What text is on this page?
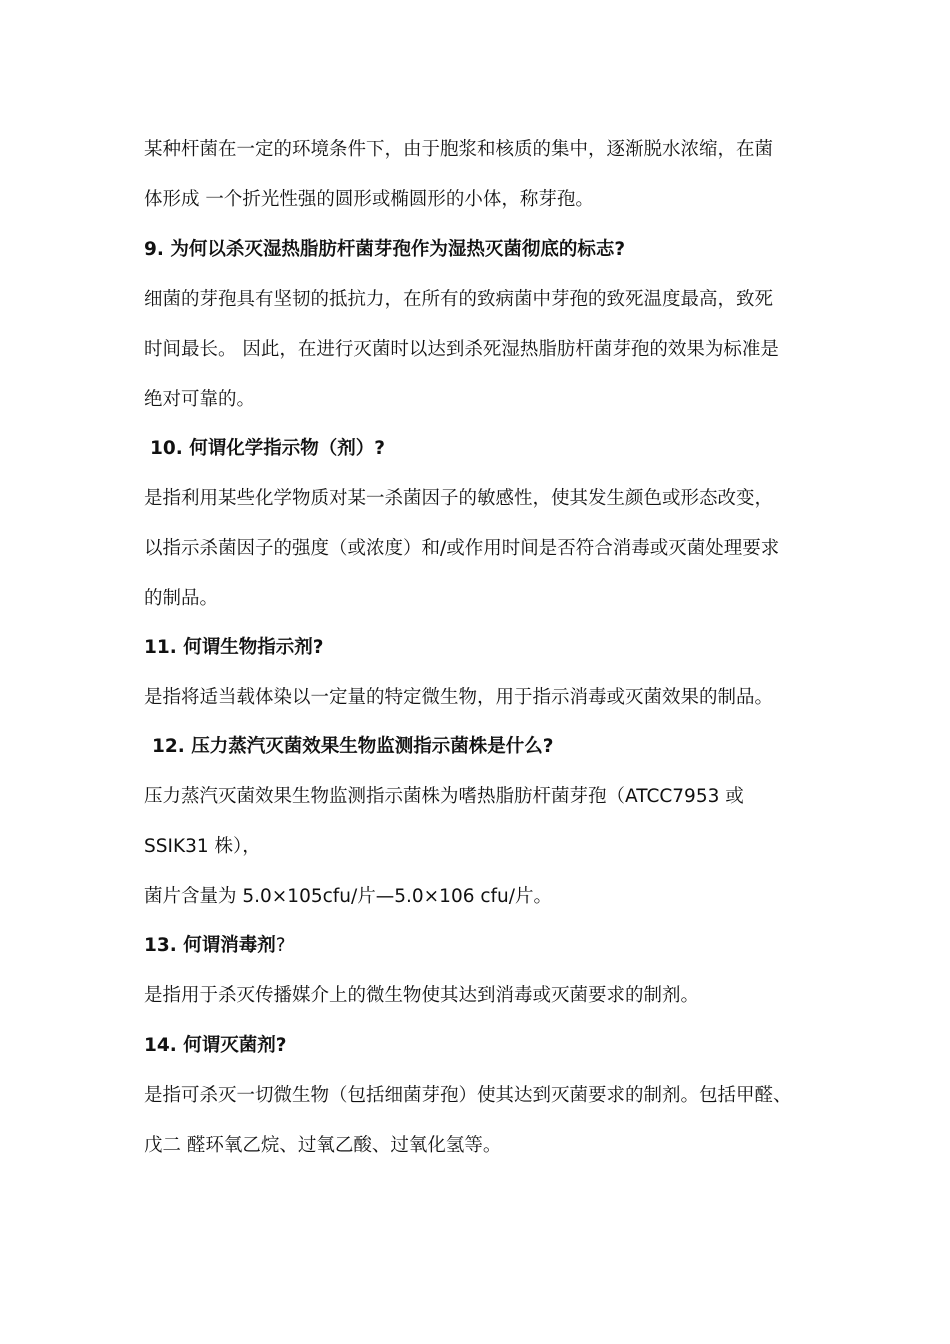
某种杆菌在一定的环境条件下，由于胞浆和核质的集中，逐渐脱水浓缩，在菌
体形成 一个折光性强的圆形或椭圆形的小体，称芽孢。
9. 为何以杀灭湿热脂肪杆菌芽孢作为湿热灭菌彻底的标志?
细菌的芽孢具有坚韧的抵抗力，在所有的致病菌中芽孢的致死温度最高，致死
时间最长。 因此，在进行灭菌时以达到杀死湿热脂肪杆菌芽孢的效果为标准是
绝对可靠的。
10. 何谓化学指示物（剂）?
是指利用某些化学物质对某一杀菌因子的敏感性，使其发生颜色或形态改变，
以指示杀菌因子的强度（或浓度）和/或作用时间是否符合消毒或灭菌处理要求
的制品。
11. 何谓生物指示剂?
是指将适当载体染以一定量的特定微生物，用于指示消毒或灭菌效果的制品。
12. 压力蒸汽灭菌效果生物监测指示菌株是什么?
压力蒸汽灭菌效果生物监测指示菌株为嗜热脂肪杆菌芽孢（ATCC7953 或
SSIK31 株），
菌片含量为 5.0×105cfu/片—5.0×106 cfu/片。
13. 何谓消毒剂?
是指用于杀灭传播媒介上的微生物使其达到消毒或灭菌要求的制剂。
14. 何谓灭菌剂?
是指可杀灭一切微生物（包括细菌芽孢）使其达到灭菌要求的制剂。包括甲醛、
戊二 醛环氧乙烷、过氧乙酸、过氧化氢等。
